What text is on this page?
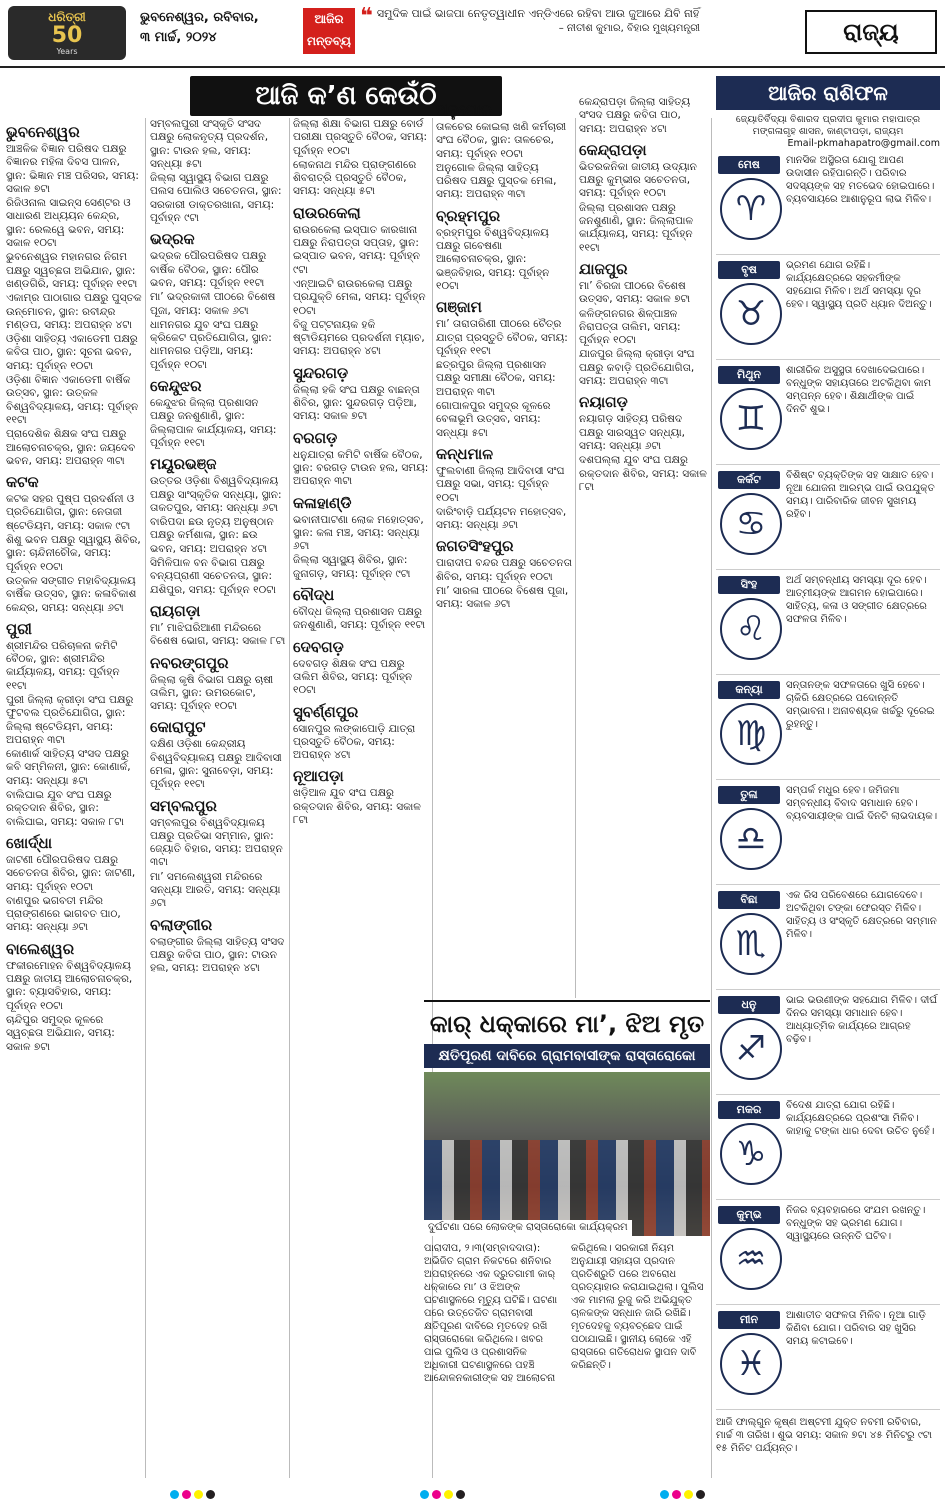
ଧରିତ୍ରୀ
50
Years
ଭୁବନେଶ୍ୱର, ରବିବାର,
୩ ମାର୍ଚ୍ଚ, ୨୦୨୪
ଆଜିର
ମନ୍ତବ୍ୟ
❝ ସମୁଦିକ ପାଇଁ ଭାଜପା ନେତୃତ୍ୱାଧୀନ ଏନ୍‌ଡିଏରେ ରହିବା ଆଉ ଜୁଆରେ ଯିବି ନାହିଁ
– ନୀତୀଶ କୁମାର, ବିହାର ମୁଖ୍ୟମନ୍ତ୍ରୀ	ରାଜ୍ୟ
ଆଜି କ’ଣ କେଉଁଠି
ଭୁବନେଶ୍ୱର

ଆଞ୍ଚଳିକ ବିଜ୍ଞାନ ପରିଷଦ ପକ୍ଷରୁ ବିଜ୍ଞାନର ମହିଳା ଦିବସ ପାଳନ, ସ୍ଥାନ: ଭିଜ୍ଞାନ ମଞ୍ଚ ପରିସର, ସମୟ: ସକାଳ ୭ଟା

ରିଜିଓନାଲ ସାଇନ୍ସ ସେଣ୍ଟର ଓ ସାଧାରଣ ଅଧ୍ୟୟନ କେନ୍ଦ୍ର, ସ୍ଥାନ: ରେଲୱେ ଭବନ, ସମୟ: ସକାଳ ୧୦ଟା

ଭୁବନେଶ୍ୱର ମହାନଗର ନିଗମ ପକ୍ଷରୁ ସ୍ୱଚ୍ଛତା ଅଭିଯାନ, ସ୍ଥାନ: ଖଣ୍ଡଗିରି, ସମୟ: ପୂର୍ବାହ୍ନ ୧୧ଟା

ଏକାମ୍ର ପାଠାଗାର ପକ୍ଷରୁ ପୁସ୍ତକ ଉନ୍ମୋଚନ, ସ୍ଥାନ: ରବୀନ୍ଦ୍ର ମଣ୍ଡପ, ସମୟ: ଅପରାହ୍ନ ୪ଟା

ଓଡ଼ିଶା ସାହିତ୍ୟ ଏକାଡେମୀ ପକ୍ଷରୁ କବିତା ପାଠ, ସ୍ଥାନ: ସୂଚନା ଭବନ, ସମୟ: ପୂର୍ବାହ୍ନ ୧୦ଟା

ଓଡ଼ିଶା ବିଜ୍ଞାନ ଏକାଡେମୀ ବାର୍ଷିକ ଉତ୍ସବ, ସ୍ଥାନ: ଉତ୍କଳ ବିଶ୍ୱବିଦ୍ୟାଳୟ, ସମୟ: ପୂର୍ବାହ୍ନ ୧୧ଟା

ପ୍ରାଦେଶିକ ଶିକ୍ଷକ ସଂଘ ପକ୍ଷରୁ ଆଲୋଚନାଚକ୍ର, ସ୍ଥାନ: ଜୟଦେବ ଭବନ, ସମୟ: ଅପରାହ୍ନ ୩ଟା

କଟକ

କଟକ ସହର ପୁଷ୍ପ ପ୍ରଦର୍ଶନୀ ଓ ପ୍ରତିଯୋଗିତା, ସ୍ଥାନ: ନେତାଜୀ ଷ୍ଟେଡିୟମ, ସମୟ: ସକାଳ ୯ଟା

ଶିଶୁ ଭବନ ପକ୍ଷରୁ ସ୍ୱାସ୍ଥ୍ୟ ଶିବିର, ସ୍ଥାନ: ଚାନ୍ଦିନୀଚୌକ, ସମୟ: ପୂର୍ବାହ୍ନ ୧୦ଟା

ଉତ୍କଳ ସଙ୍ଗୀତ ମହାବିଦ୍ୟାଳୟ ବାର୍ଷିକ ଉତ୍ସବ, ସ୍ଥାନ: କଳାବିକାଶ କେନ୍ଦ୍ର, ସମୟ: ସନ୍ଧ୍ୟା ୬ଟା

ପୁରୀ

ଶ୍ରୀମନ୍ଦିର ପରିଚାଳନା କମିଟି ବୈଠକ, ସ୍ଥାନ: ଶ୍ରୀମନ୍ଦିର କାର୍ଯ୍ୟାଳୟ, ସମୟ: ପୂର୍ବାହ୍ନ ୧୧ଟା

ପୁରୀ ଜିଲ୍ଲା କ୍ରୀଡ଼ା ସଂଘ ପକ୍ଷରୁ ଫୁଟବଲ ପ୍ରତିଯୋଗିତା, ସ୍ଥାନ: ଜିଲ୍ଲା ଷ୍ଟେଡିୟମ, ସମୟ: ଅପରାହ୍ନ ୩ଟା

କୋଣାର୍କ ସାହିତ୍ୟ ସଂସଦ ପକ୍ଷରୁ କବି ସମ୍ମିଳନୀ, ସ୍ଥାନ: କୋଣାର୍କ, ସମୟ: ସନ୍ଧ୍ୟା ୫ଟା

ବାଲିଘାଇ ଯୁବ ସଂଘ ପକ୍ଷରୁ ରକ୍ତଦାନ ଶିବିର, ସ୍ଥାନ: ବାଲିଘାଇ, ସମୟ: ସକାଳ ୮ଟା

ଖୋର୍ଦ୍ଧା

ଜାଟଣୀ ପୌରପରିଷଦ ପକ୍ଷରୁ ସଚେତନତା ଶିବିର, ସ୍ଥାନ: ଜାଟଣୀ, ସମୟ: ପୂର୍ବାହ୍ନ ୧୦ଟା

ବାଣପୁର ଭଗବତୀ ମନ୍ଦିର ପ୍ରାଙ୍ଗଣରେ ଭାଗବତ ପାଠ, ସମୟ: ସନ୍ଧ୍ୟା ୬ଟା

ବାଲେଶ୍ୱର

ଫକୀରମୋହନ ବିଶ୍ୱବିଦ୍ୟାଳୟ ପକ୍ଷରୁ ଜାତୀୟ ଆଲୋଚନାଚକ୍ର, ସ୍ଥାନ: ବ୍ୟାସବିହାର, ସମୟ: ପୂର୍ବାହ୍ନ ୧୦ଟା

ଚାନ୍ଦିପୁର ସମୁଦ୍ର କୂଳରେ ସ୍ୱଚ୍ଛତା ଅଭିଯାନ, ସମୟ: ସକାଳ ୭ଟା

ସମ୍ବଲପୁରୀ ସଂସ୍କୃତି ସଂସଦ ପକ୍ଷରୁ ଲୋକନୃତ୍ୟ ପ୍ରଦର୍ଶନ, ସ୍ଥାନ: ଟାଉନ ହଲ, ସମୟ: ସନ୍ଧ୍ୟା ୫ଟା

ଜିଲ୍ଲା ସ୍ୱାସ୍ଥ୍ୟ ବିଭାଗ ପକ୍ଷରୁ ପଲସ ପୋଲିଓ ସଚେତନତା, ସ୍ଥାନ: ସରକାରୀ ଡାକ୍ତରଖାନା, ସମୟ: ପୂର୍ବାହ୍ନ ୯ଟା

ଭଦ୍ରକ

ଭଦ୍ରକ ପୌରପରିଷଦ ପକ୍ଷରୁ ବାର୍ଷିକ ବୈଠକ, ସ୍ଥାନ: ପୌର ଭବନ, ସମୟ: ପୂର୍ବାହ୍ନ ୧୧ଟା

ମା’ ଭଦ୍ରକାଳୀ ପୀଠରେ ବିଶେଷ ପୂଜା, ସମୟ: ସକାଳ ୬ଟା

ଧାମନଗର ଯୁବ ସଂଘ ପକ୍ଷରୁ କ୍ରିକେଟ ପ୍ରତିଯୋଗିତା, ସ୍ଥାନ: ଧାମନଗର ପଡ଼ିଆ, ସମୟ: ପୂର୍ବାହ୍ନ ୧୦ଟା

କେନ୍ଦୁଝର

କେନ୍ଦୁଝର ଜିଲ୍ଲା ପ୍ରଶାସନ ପକ୍ଷରୁ ଜନଶୁଣାଣି, ସ୍ଥାନ: ଜିଲ୍ଲାପାଳ କାର୍ଯ୍ୟାଳୟ, ସମୟ: ପୂର୍ବାହ୍ନ ୧୧ଟା

ମୟୂରଭଞ୍ଜ

ଉତ୍ତର ଓଡ଼ିଶା ବିଶ୍ୱବିଦ୍ୟାଳୟ ପକ୍ଷରୁ ସାଂସ୍କୃତିକ ସନ୍ଧ୍ୟା, ସ୍ଥାନ: ତାକତପୁର, ସମୟ: ସନ୍ଧ୍ୟା ୬ଟା

ବାରିପଦା ଛଉ ନୃତ୍ୟ ଅନୁଷ୍ଠାନ ପକ୍ଷରୁ କର୍ମଶାଳା, ସ୍ଥାନ: ଛଉ ଭବନ, ସମୟ: ଅପରାହ୍ନ ୪ଟା

ସିମିଳିପାଳ ବନ ବିଭାଗ ପକ୍ଷରୁ ବନ୍ୟପ୍ରାଣୀ ସଚେତନତା, ସ୍ଥାନ: ଯଶିପୁର, ସମୟ: ପୂର୍ବାହ୍ନ ୧୦ଟା

ରାୟଗଡ଼ା

ମା’ ମାଝିଘରିଆଣୀ ମନ୍ଦିରରେ ବିଶେଷ ଭୋଗ, ସମୟ: ସକାଳ ୮ଟା

ନବରଙ୍ଗପୁର

ଜିଲ୍ଲା କୃଷି ବିଭାଗ ପକ୍ଷରୁ ଚାଷୀ ତାଲିମ, ସ୍ଥାନ: ଉମରକୋଟ, ସମୟ: ପୂର୍ବାହ୍ନ ୧୦ଟା

କୋରାପୁଟ

ଦକ୍ଷିଣ ଓଡ଼ିଶା କେନ୍ଦ୍ରୀୟ ବିଶ୍ୱବିଦ୍ୟାଳୟ ପକ୍ଷରୁ ଆଦିବାସୀ ମେଳା, ସ୍ଥାନ: ସୁନାବେଡ଼ା, ସମୟ: ପୂର୍ବାହ୍ନ ୧୧ଟା

ସମ୍ବଲପୁର

ସମ୍ବଲପୁର ବିଶ୍ୱବିଦ୍ୟାଳୟ ପକ୍ଷରୁ ପ୍ରତିଭା ସମ୍ମାନ, ସ୍ଥାନ: ଜ୍ୟୋତି ବିହାର, ସମୟ: ଅପରାହ୍ନ ୩ଟା

ମା’ ସମଲେଶ୍ୱରୀ ମନ୍ଦିରରେ ସନ୍ଧ୍ୟା ଆରତି, ସମୟ: ସନ୍ଧ୍ୟା ୬ଟା

ବଲାଙ୍ଗୀର

ବଲାଙ୍ଗୀର ଜିଲ୍ଲା ସାହିତ୍ୟ ସଂସଦ ପକ୍ଷରୁ କବିତା ପାଠ, ସ୍ଥାନ: ଟାଉନ ହଲ, ସମୟ: ଅପରାହ୍ନ ୪ଟା

ଜିଲ୍ଲା ଶିକ୍ଷା ବିଭାଗ ପକ୍ଷରୁ ବୋର୍ଡ ପରୀକ୍ଷା ପ୍ରସ୍ତୁତି ବୈଠକ, ସମୟ: ପୂର୍ବାହ୍ନ ୧୦ଟା

ଲୋକନାଥ ମନ୍ଦିର ପ୍ରାଙ୍ଗଣରେ ଶିବରାତ୍ରି ପ୍ରସ୍ତୁତି ବୈଠକ, ସମୟ: ସନ୍ଧ୍ୟା ୫ଟା

ରାଉରକେଲା

ରାଉରକେଲା ଇସ୍ପାତ କାରଖାନା ପକ୍ଷରୁ ନିରାପତ୍ତା ସପ୍ତାହ, ସ୍ଥାନ: ଇସ୍ପାତ ଭବନ, ସମୟ: ପୂର୍ବାହ୍ନ ୯ଟା

ଏନ୍ଆଇଟି ରାଉରକେଲା ପକ୍ଷରୁ ପ୍ରଯୁକ୍ତି ମେଳା, ସମୟ: ପୂର୍ବାହ୍ନ ୧୦ଟା

ବିଜୁ ପଟ୍ଟନାୟକ ହକି ଷ୍ଟାଡିୟମରେ ପ୍ରଦର୍ଶନୀ ମ୍ୟାଚ, ସମୟ: ଅପରାହ୍ନ ୪ଟା

ସୁନ୍ଦରଗଡ଼

ଜିଲ୍ଲା ହକି ସଂଘ ପକ୍ଷରୁ ବାଛନ୍ତା ଶିବିର, ସ୍ଥାନ: ସୁନ୍ଦରଗଡ଼ ପଡ଼ିଆ, ସମୟ: ସକାଳ ୭ଟା

ବରଗଡ଼

ଧନୁଯାତ୍ରା କମିଟି ବାର୍ଷିକ ବୈଠକ, ସ୍ଥାନ: ବରଗଡ଼ ଟାଉନ ହଲ, ସମୟ: ଅପରାହ୍ନ ୩ଟା

କଳାହାଣ୍ଡି

ଭବାନୀପାଟଣା ଲୋକ ମହୋତ୍ସବ, ସ୍ଥାନ: କଳା ମଞ୍ଚ, ସମୟ: ସନ୍ଧ୍ୟା ୬ଟା

ଜିଲ୍ଲା ସ୍ୱାସ୍ଥ୍ୟ ଶିବିର, ସ୍ଥାନ: ଜୁନାଗଡ଼, ସମୟ: ପୂର୍ବାହ୍ନ ୯ଟା

ବୌଦ୍ଧ

ବୌଦ୍ଧ ଜିଲ୍ଲା ପ୍ରଶାସନ ପକ୍ଷରୁ ଜନଶୁଣାଣି, ସମୟ: ପୂର୍ବାହ୍ନ ୧୧ଟା

ଦେବଗଡ଼

ଦେବଗଡ଼ ଶିକ୍ଷକ ସଂଘ ପକ୍ଷରୁ ତାଲିମ ଶିବିର, ସମୟ: ପୂର୍ବାହ୍ନ ୧୦ଟା

ସୁବର୍ଣ୍ଣପୁର

ସୋନପୁର ଲଙ୍କାପୋଡ଼ି ଯାତ୍ରା ପ୍ରସ୍ତୁତି ବୈଠକ, ସମୟ: ଅପରାହ୍ନ ୪ଟା

ନୂଆପଡ଼ା

ଖଡ଼ିଆଳ ଯୁବ ସଂଘ ପକ୍ଷରୁ ରକ୍ତଦାନ ଶିବିର, ସମୟ: ସକାଳ ୮ଟା

ଅନୁଗୋଳ

ତାଳଚେର କୋଇଲା ଖଣି କର୍ମଚାରୀ ସଂଘ ବୈଠକ, ସ୍ଥାନ: ତାଳଚେର, ସମୟ: ପୂର୍ବାହ୍ନ ୧୦ଟା

ଅନୁଗୋଳ ଜିଲ୍ଲା ସାହିତ୍ୟ ପରିଷଦ ପକ୍ଷରୁ ପୁସ୍ତକ ମେଳା, ସମୟ: ଅପରାହ୍ନ ୩ଟା

ବ୍ରହ୍ମପୁର

ବ୍ରହ୍ମପୁର ବିଶ୍ୱବିଦ୍ୟାଳୟ ପକ୍ଷରୁ ଗବେଷଣା ଆଲୋଚନାଚକ୍ର, ସ୍ଥାନ: ଭଞ୍ଜବିହାର, ସମୟ: ପୂର୍ବାହ୍ନ ୧୦ଟା

ଗଞ୍ଜାମ

ମା’ ତାରାତାରିଣୀ ପୀଠରେ ଚୈତ୍ର ଯାତ୍ରା ପ୍ରସ୍ତୁତି ବୈଠକ, ସମୟ: ପୂର୍ବାହ୍ନ ୧୧ଟା

ଛତ୍ରପୁର ଜିଲ୍ଲା ପ୍ରଶାସନ ପକ୍ଷରୁ ସମୀକ୍ଷା ବୈଠକ, ସମୟ: ଅପରାହ୍ନ ୩ଟା

ଗୋପାଳପୁର ସମୁଦ୍ର କୂଳରେ ବେଳାଭୂମି ଉତ୍ସବ, ସମୟ: ସନ୍ଧ୍ୟା ୫ଟା

କନ୍ଧମାଳ

ଫୁଲବାଣୀ ଜିଲ୍ଲା ଆଦିବାସୀ ସଂଘ ପକ୍ଷରୁ ସଭା, ସମୟ: ପୂର୍ବାହ୍ନ ୧୦ଟା

ଦାରିଂବାଡ଼ି ପର୍ଯ୍ୟଟନ ମହୋତ୍ସବ, ସମୟ: ସନ୍ଧ୍ୟା ୬ଟା

ଜଗତସିଂହପୁର

ପାରାଦୀପ ବନ୍ଦର ପକ୍ଷରୁ ସଚେତନତା ଶିବିର, ସମୟ: ପୂର୍ବାହ୍ନ ୧୦ଟା

ମା’ ସାରଳା ପୀଠରେ ବିଶେଷ ପୂଜା, ସମୟ: ସକାଳ ୬ଟା

କେନ୍ଦ୍ରାପଡ଼ା ଜିଲ୍ଲା ସାହିତ୍ୟ ସଂସଦ ପକ୍ଷରୁ କବିତା ପାଠ, ସମୟ: ଅପରାହ୍ନ ୪ଟା

କେନ୍ଦ୍ରାପଡ଼ା

ଭିତରକନିକା ଜାତୀୟ ଉଦ୍ୟାନ ପକ୍ଷରୁ କୁମ୍ଭୀର ସଚେତନତା, ସମୟ: ପୂର୍ବାହ୍ନ ୧୦ଟା

ଜିଲ୍ଲା ପ୍ରଶାସନ ପକ୍ଷରୁ ଜନଶୁଣାଣି, ସ୍ଥାନ: ଜିଲ୍ଲାପାଳ କାର୍ଯ୍ୟାଳୟ, ସମୟ: ପୂର୍ବାହ୍ନ ୧୧ଟା

ଯାଜପୁର

ମା’ ବିରଜା ପୀଠରେ ବିଶେଷ ଉତ୍ସବ, ସମୟ: ସକାଳ ୭ଟା

କଳିଙ୍ଗନଗର ଶିଳ୍ପାଞ୍ଚଳ ନିରାପତ୍ତା ତାଲିମ, ସମୟ: ପୂର୍ବାହ୍ନ ୧୦ଟା

ଯାଜପୁର ଜିଲ୍ଲା କ୍ରୀଡ଼ା ସଂଘ ପକ୍ଷରୁ କବାଡ଼ି ପ୍ରତିଯୋଗିତା, ସମୟ: ଅପରାହ୍ନ ୩ଟା

ନୟାଗଡ଼

ନୟାଗଡ଼ ସାହିତ୍ୟ ପରିଷଦ ପକ୍ଷରୁ ସାରସ୍ୱତ ସନ୍ଧ୍ୟା, ସମୟ: ସନ୍ଧ୍ୟା ୬ଟା

ଦଶପଲ୍ଲା ଯୁବ ସଂଘ ପକ୍ଷରୁ ରକ୍ତଦାନ ଶିବିର, ସମୟ: ସକାଳ ୮ଟା

କାର୍‌ ଧକ୍କାରେ ମା’, ଝିଅ ମୃତ
କ୍ଷତିପୂରଣ ଦାବିରେ ଗ୍ରାମବାସୀଙ୍କ ରାସ୍ତାରୋକୋ
ଦୁର୍ଘଟଣା ପରେ ଲୋକଙ୍କ ରାସ୍ତାରୋକୋ କାର୍ଯ୍ୟକ୍ରମ

ପାରାଦୀପ, ୨।୩(ସମ୍ବାଦଦାତା): ଅଭିଜିତ ଗ୍ରାମ ନିକଟରେ ଶନିବାର ଅପରାହ୍ନରେ ଏକ ଦ୍ରୁତଗାମୀ କାର୍‌ ଧକ୍କାରେ ମା’ ଓ ଝିଅଙ୍କ ଘଟଣାସ୍ଥଳରେ ମୃତ୍ୟୁ ଘଟିଛି। ଘଟଣା ପରେ ଉତ୍ତେଜିତ ଗ୍ରାମବାସୀ କ୍ଷତିପୂରଣ ଦାବିରେ ମୃତଦେହ ରଖି ରାସ୍ତାରୋକୋ କରିଥିଲେ। ଖବର ପାଇ ପୁଲିସ ଓ ପ୍ରଶାସନିକ ଅଧିକାରୀ ଘଟଣାସ୍ଥଳରେ ପହଞ୍ଚି ଆନ୍ଦୋଳନକାରୀଙ୍କ ସହ ଆଲୋଚନା କରିଥିଲେ। ସରକାରୀ ନିୟମ ଅନୁଯାୟୀ ସହାୟତା ପ୍ରଦାନ ପ୍ରତିଶ୍ରୁତି ପରେ ଅବରୋଧ ପ୍ରତ୍ୟାହାର କରାଯାଇଥିଲା। ପୁଲିସ ଏକ ମାମଲା ରୁଜୁ କରି ଅଭିଯୁକ୍ତ ଚାଳକଙ୍କ ସନ୍ଧାନ ଜାରି ରଖିଛି। ମୃତଦେହକୁ ବ୍ୟବଚ୍ଛେଦ ପାଇଁ ପଠାଯାଇଛି। ସ୍ଥାନୀୟ ଲୋକେ ଏହି ରାସ୍ତାରେ ଗତିରୋଧକ ସ୍ଥାପନ ଦାବି କରିଛନ୍ତି।

ଆଜିର ରାଶିଫଳ
ଜ୍ୟୋତିର୍ବିଦ୍ୟା ବିଶାରଦ ପ୍ରଦୀପ କୁମାର ମହାପାତ୍ର ମଙ୍ଗଳାଗୃହ ଶାସନ, କାଣ୍ଟାପଡ଼ା, ରାଜ୍ୟମ
Email-pkmahapatro@gmail.com
ମେଷ
♈
ମାନସିକ ଅସ୍ଥିରତା ଯୋଗୁ ଆପଣ ଉଦାସୀନ ରହିପାରନ୍ତି। ପରିବାର ସଦସ୍ୟଙ୍କ ସହ ମତଭେଦ ହୋଇପାରେ। ବ୍ୟବସାୟରେ ଆଶାନୁରୂପ ଲାଭ ମିଳିବ।
ବୃଷ
♉
ଭ୍ରମଣ ଯୋଗ ରହିଛି। କାର୍ଯ୍ୟକ୍ଷେତ୍ରରେ ସହକର୍ମୀଙ୍କ ସହଯୋଗ ମିଳିବ। ଅର୍ଥ ସମସ୍ୟା ଦୂର ହେବ। ସ୍ୱାସ୍ଥ୍ୟ ପ୍ରତି ଧ୍ୟାନ ଦିଅନ୍ତୁ।
ମିଥୁନ
♊
ଶାରୀରିକ ଅସୁସ୍ଥତା ଦେଖାଦେଇପାରେ। ବନ୍ଧୁଙ୍କ ସହାୟତାରେ ଅଟକିଥିବା କାମ ସମ୍ପନ୍ନ ହେବ। ଶିକ୍ଷାର୍ଥୀଙ୍କ ପାଇଁ ଦିନଟି ଶୁଭ।
କର୍କଟ
♋
ବିଶିଷ୍ଟ ବ୍ୟକ୍ତିଙ୍କ ସହ ସାକ୍ଷାତ ହେବ। ନୂଆ ଯୋଜନା ଆରମ୍ଭ ପାଇଁ ଉପଯୁକ୍ତ ସମୟ। ପାରିବାରିକ ଜୀବନ ସୁଖମୟ ରହିବ।
ସିଂହ
♌
ଅର୍ଥ ସମ୍ବନ୍ଧୀୟ ସମସ୍ୟା ଦୂର ହେବ। ଆତ୍ମୀୟଙ୍କ ଆଗମନ ହୋଇପାରେ। ସାହିତ୍ୟ, କଳା ଓ ସଙ୍ଗୀତ କ୍ଷେତ୍ରରେ ସଫଳତା ମିଳିବ।
କନ୍ୟା
♍
ସନ୍ତାନଙ୍କ ସଫଳତାରେ ଖୁସି ହେବେ। ଚାକିରି କ୍ଷେତ୍ରରେ ପଦୋନ୍ନତି ସମ୍ଭାବନା। ଅନାବଶ୍ୟକ ଖର୍ଚ୍ଚରୁ ଦୂରେଇ ରୁହନ୍ତୁ।
ତୁଳା
♎
ସମ୍ପର୍କ ମଧୁର ହେବ। ଜମିଜମା ସମ୍ବନ୍ଧୀୟ ବିବାଦ ସମାଧାନ ହେବ। ବ୍ୟବସାୟୀଙ୍କ ପାଇଁ ଦିନଟି ଲାଭଦାୟକ।
ବିଛା
♏
ଏକ ରିସ ପରିବେଶରେ ଯୋଗଦେବେ। ଅଟକିଥିବା ଟଙ୍କା ଫେରସ୍ତ ମିଳିବ। ସାହିତ୍ୟ ଓ ସଂସ୍କୃତି କ୍ଷେତ୍ରରେ ସମ୍ମାନ ମିଳିବ।
ଧନୁ
♐
ଭାଇ ଭଉଣୀଙ୍କ ସହଯୋଗ ମିଳିବ। ଦୀର୍ଘ ଦିନର ସମସ୍ୟା ସମାଧାନ ହେବ। ଆଧ୍ୟାତ୍ମିକ କାର୍ଯ୍ୟରେ ଆଗ୍ରହ ବଢ଼ିବ।
ମକର
♑
ବିଦେଶ ଯାତ୍ରା ଯୋଗ ରହିଛି। କାର୍ଯ୍ୟକ୍ଷେତ୍ରରେ ପ୍ରଶଂସା ମିଳିବ। କାହାକୁ ଟଙ୍କା ଧାର ଦେବା ଉଚିତ ନୁହେଁ।
କୁମ୍ଭ
♒
ନିଜର ବ୍ୟବହାରରେ ସଂଯମ ରଖନ୍ତୁ। ବନ୍ଧୁଙ୍କ ସହ ଭ୍ରମଣ ଯୋଗ। ସ୍ୱାସ୍ଥ୍ୟରେ ଉନ୍ନତି ଘଟିବ।
ମୀନ
♓
ଆଶାତୀତ ସଫଳତା ମିଳିବ। ନୂଆ ଗାଡ଼ି କିଣିବା ଯୋଗ। ପରିବାର ସହ ଖୁସିର ସମୟ କଟାଇବେ।
ଆଜି ଫାଲ୍‌ଗୁନ କୃଷ୍ଣ ଅଷ୍ଟମୀ ଯୁକ୍ତ ନବମୀ ରବିବାର, ମାର୍ଚ୍ଚ ୩ ତାରିଖ। ଶୁଭ ସମୟ: ସକାଳ ୭ଟା ୪୫ ମିନିଟରୁ ୯ଟା ୧୫ ମିନିଟ ପର୍ଯ୍ୟନ୍ତ।
